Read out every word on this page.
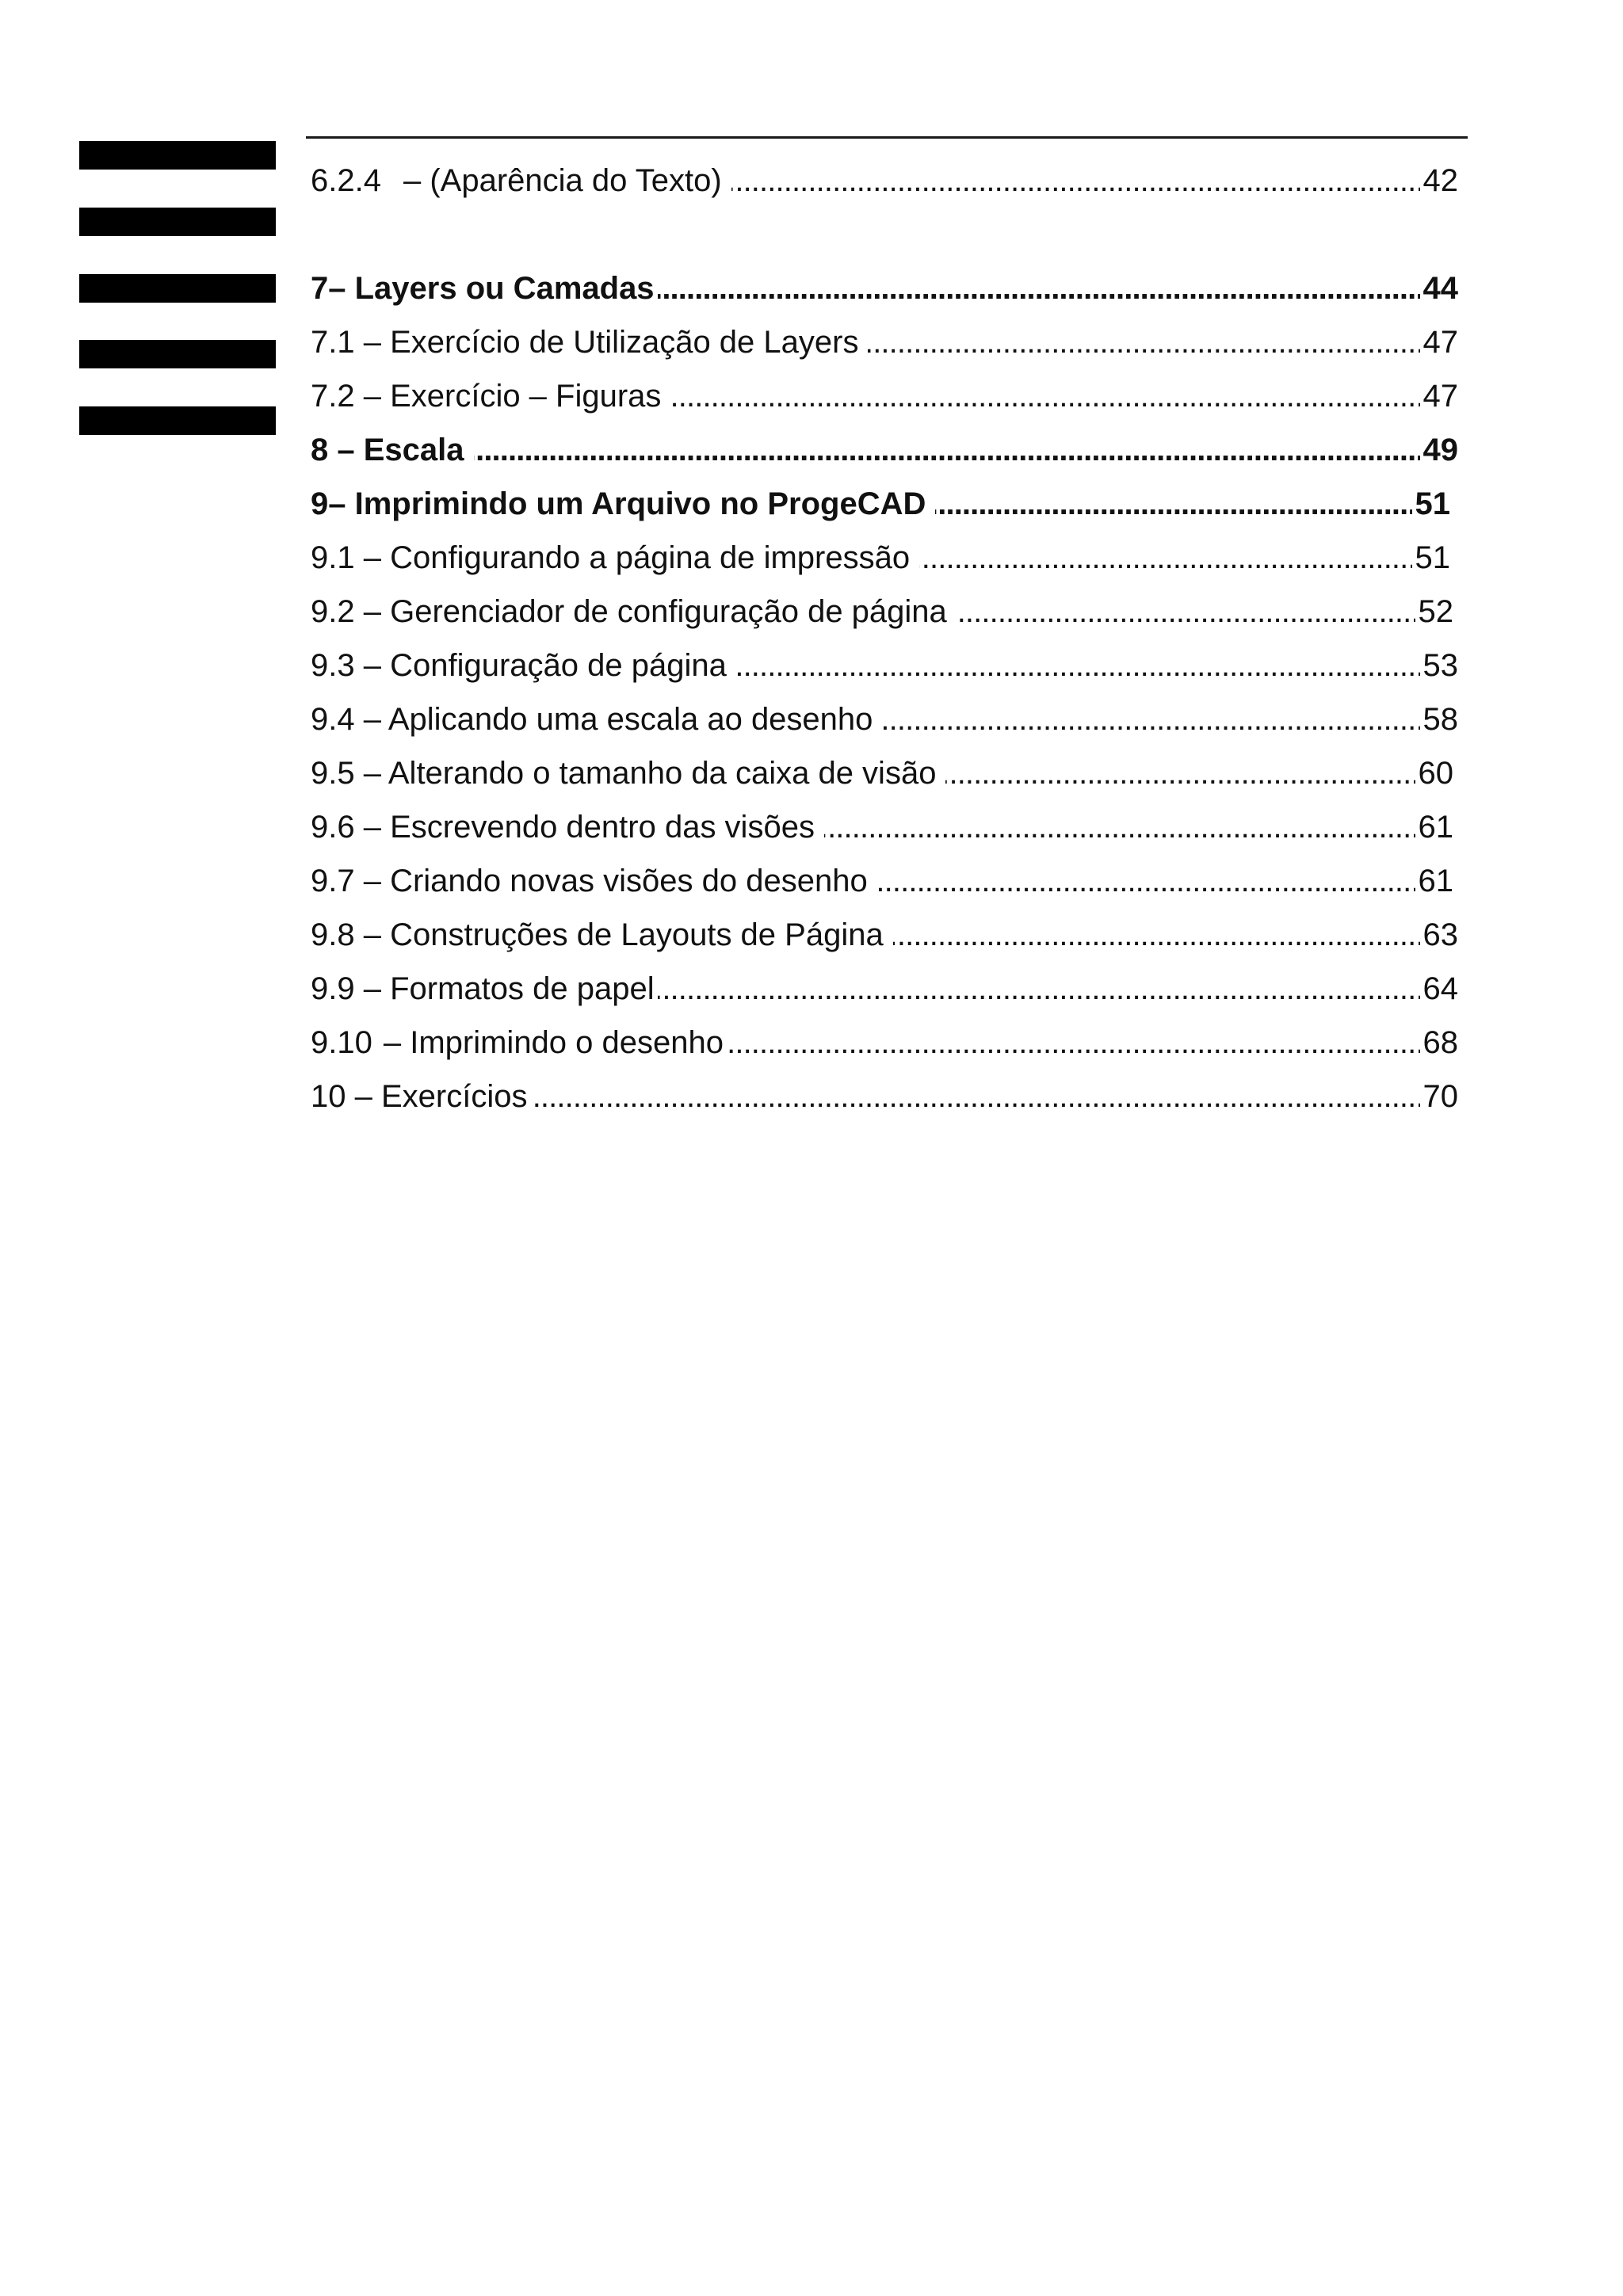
6.2.4 – (Aparência do Texto) . . .	42
7– Layers ou Camadas . . .	44
7.1 – Exercício de Utilização de Layers . . .	47
7.2 – Exercício – Figuras . . .	47
8 – Escala . . .	49
9– Imprimindo um Arquivo no ProgeCAD . . .	51
9.1 – Configurando a página de impressão . . .	51
9.2 – Gerenciador de configuração de página . . .	52
9.3 – Configuração de página . . .	53
9.4 – Aplicando uma escala ao desenho . . .	58
9.5 – Alterando o tamanho da caixa de visão . . .	60
9.6 – Escrevendo dentro das visões . . .	61
9.7 – Criando novas visões do desenho . . .	61
9.8 – Construções de Layouts de Página . . .	63
9.9 – Formatos de papel . . .	64
9.10 – Imprimindo o desenho . . .	68
10 – Exercícios . . .	70
